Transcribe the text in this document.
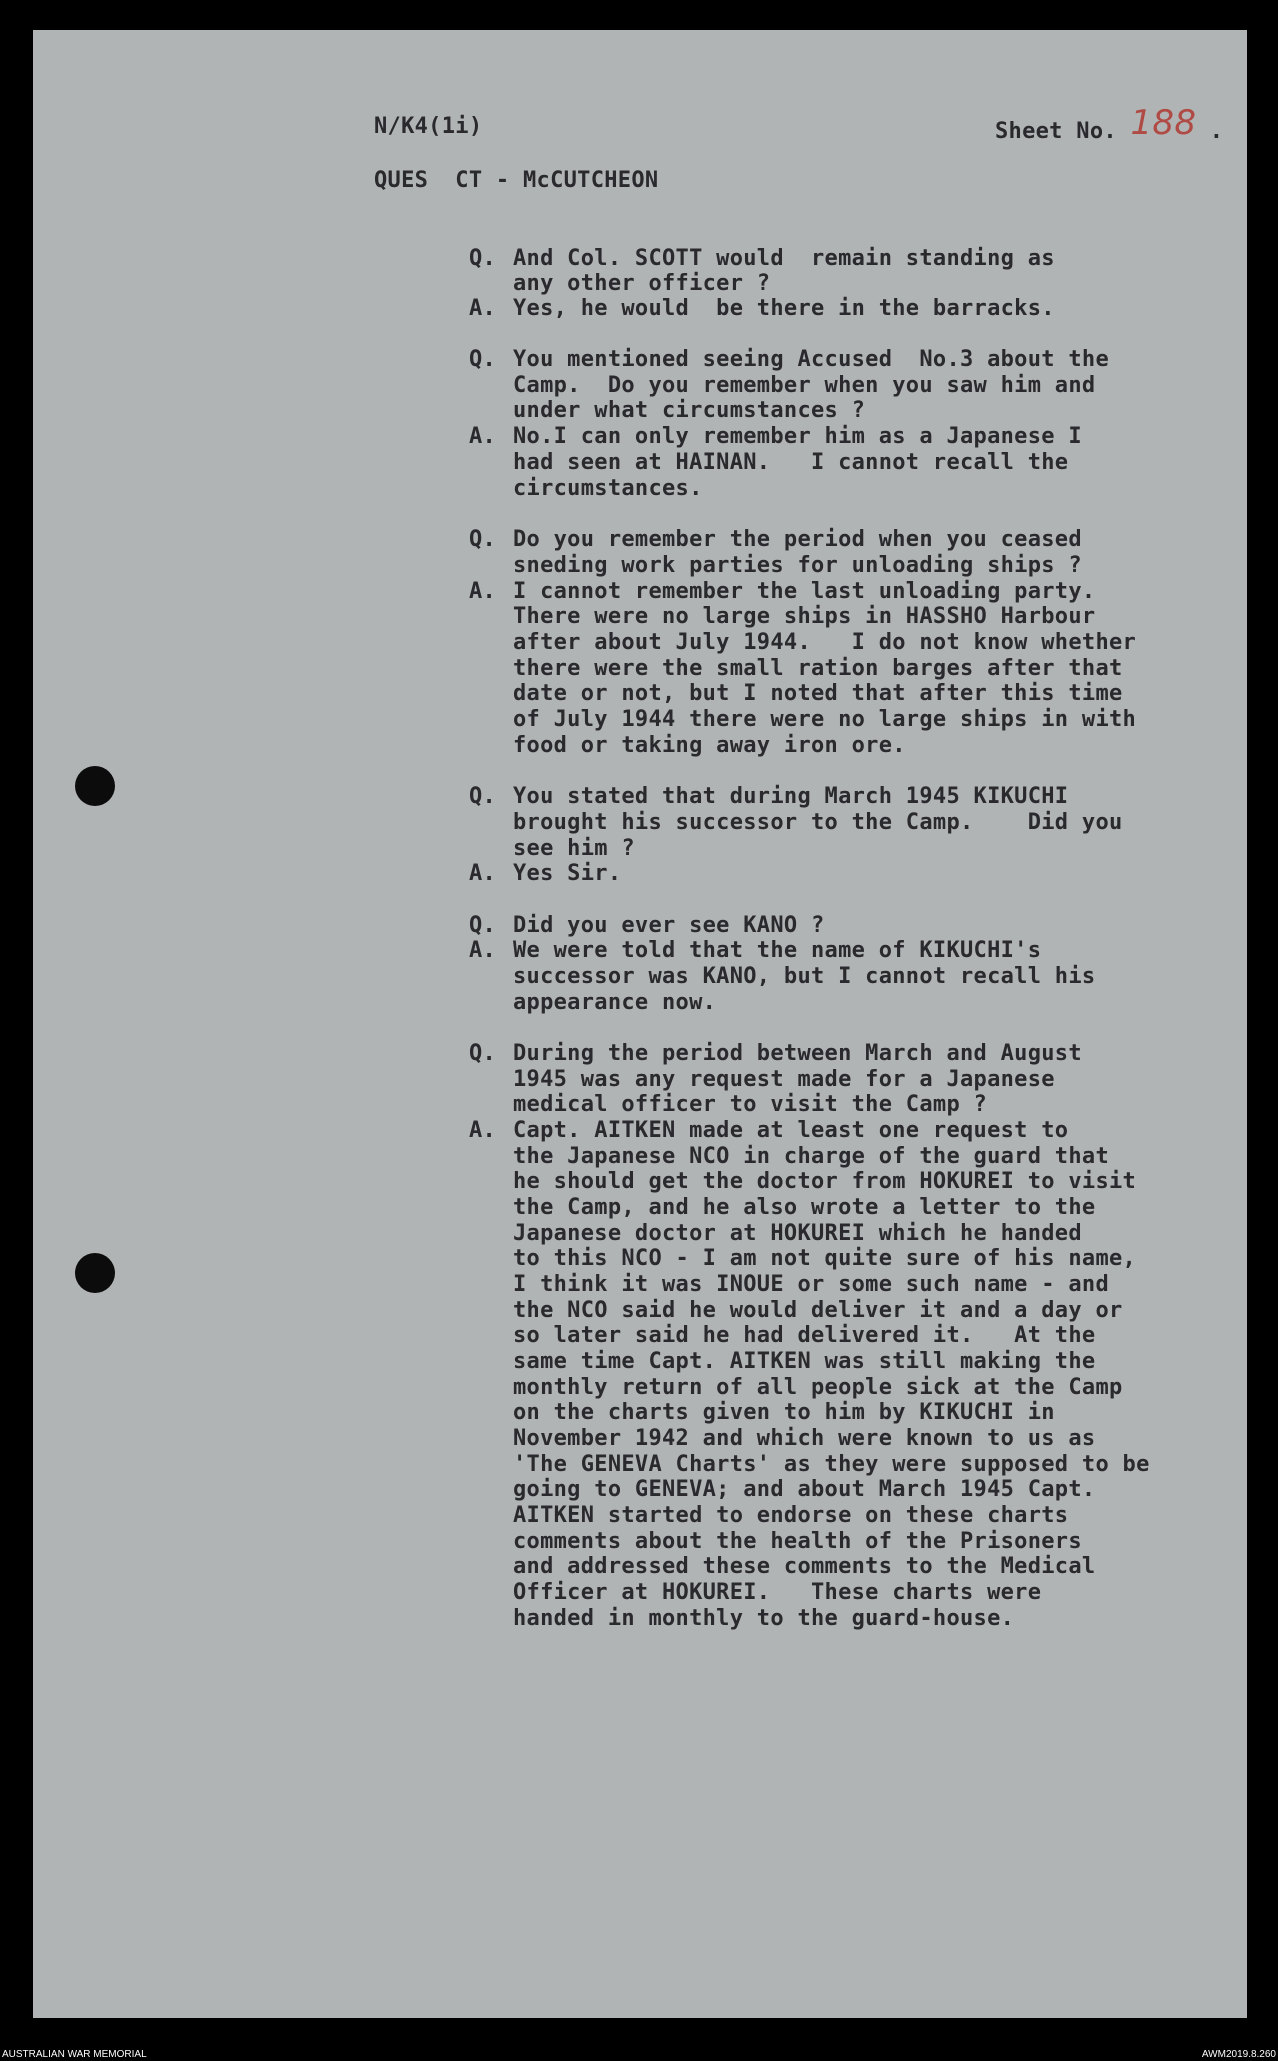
N/K4(1i)	Sheet No. 188 .
QUES  CT - McCUTCHEON
Q. And Col. SCOTT would  remain standing as
any other officer ?
A. Yes, he would  be there in the barracks.
Q. You mentioned seeing Accused  No.3 about the
Camp.  Do you remember when you saw him and
under what circumstances ?
A. No.I can only remember him as a Japanese I
had seen at HAINAN.   I cannot recall the
circumstances.
Q. Do you remember the period when you ceased
sneding work parties for unloading ships ?
A. I cannot remember the last unloading party.
There were no large ships in HASSHO Harbour
after about July 1944.   I do not know whether
there were the small ration barges after that
date or not, but I noted that after this time
of July 1944 there were no large ships in with
food or taking away iron ore.
Q. You stated that during March 1945 KIKUCHI
brought his successor to the Camp.    Did you
see him ?
A. Yes Sir.
Q. Did you ever see KANO ?
A. We were told that the name of KIKUCHI's
successor was KANO, but I cannot recall his
appearance now.
Q. During the period between March and August
1945 was any request made for a Japanese
medical officer to visit the Camp ?
A. Capt. AITKEN made at least one request to
the Japanese NCO in charge of the guard that
he should get the doctor from HOKUREI to visit
the Camp, and he also wrote a letter to the
Japanese doctor at HOKUREI which he handed
to this NCO - I am not quite sure of his name,
I think it was INOUE or some such name - and
the NCO said he would deliver it and a day or
so later said he had delivered it.   At the
same time Capt. AITKEN was still making the
monthly return of all people sick at the Camp
on the charts given to him by KIKUCHI in
November 1942 and which were known to us as
'The GENEVA Charts' as they were supposed to be
going to GENEVA; and about March 1945 Capt.
AITKEN started to endorse on these charts
comments about the health of the Prisoners
and addressed these comments to the Medical
Officer at HOKUREI.   These charts were
handed in monthly to the guard-house.
AUSTRALIAN WAR MEMORIAL	AWM2019.8.260
